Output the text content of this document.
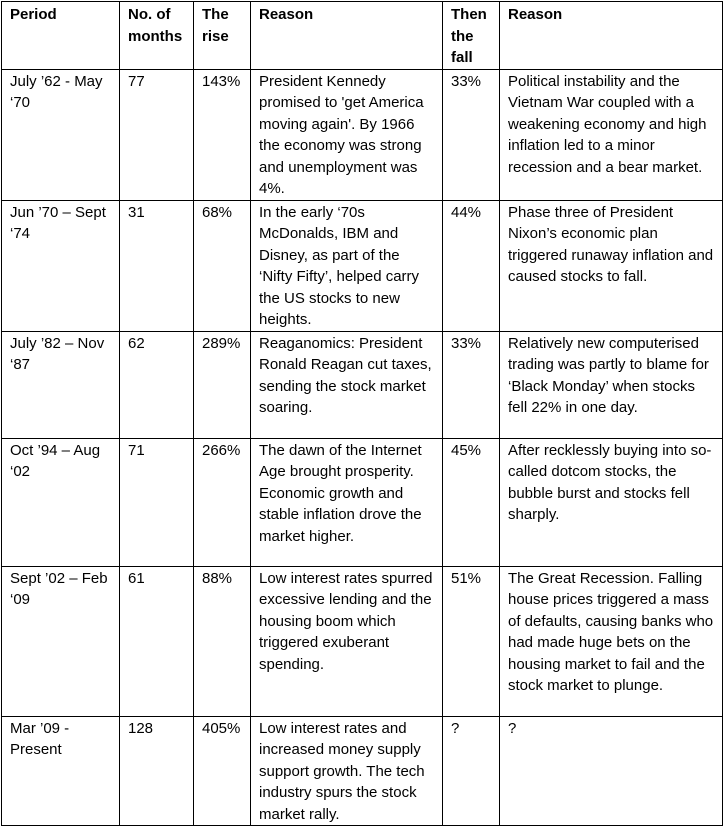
Period	No. of months	The rise	Reason	Then the fall	Reason
July ’62 - May ‘70	77	143%	President Kennedy promised to 'get America moving again'. By 1966 the economy was strong and unemployment was 4%.	33%	Political instability and the Vietnam War coupled with a weakening economy and high inflation led to a minor recession and a bear market.
Jun ’70 – Sept ‘74	31	68%	In the early ‘70s McDonalds, IBM and Disney, as part of the ‘Nifty Fifty’, helped carry the US stocks to new heights.	44%	Phase three of President Nixon’s economic plan triggered runaway inflation and caused stocks to fall.
July ’82 – Nov ‘87	62	289%	Reaganomics: President Ronald Reagan cut taxes, sending the stock market soaring.	33%	Relatively new computerised trading was partly to blame for ‘Black Monday’ when stocks fell 22% in one day.
Oct ’94 – Aug ‘02	71	266%	The dawn of the Internet Age brought prosperity. Economic growth and stable inflation drove the market higher.	45%	After recklessly buying into so-called dotcom stocks, the bubble burst and stocks fell sharply.
Sept ’02 – Feb ‘09	61	88%	Low interest rates spurred excessive lending and the housing boom which triggered exuberant spending.	51%	The Great Recession. Falling house prices triggered a mass of defaults, causing banks who had made huge bets on the housing market to fail and the stock market to plunge.
Mar ’09 - Present	128	405%	Low interest rates and increased money supply support growth. The tech industry spurs the stock market rally.	?	?
